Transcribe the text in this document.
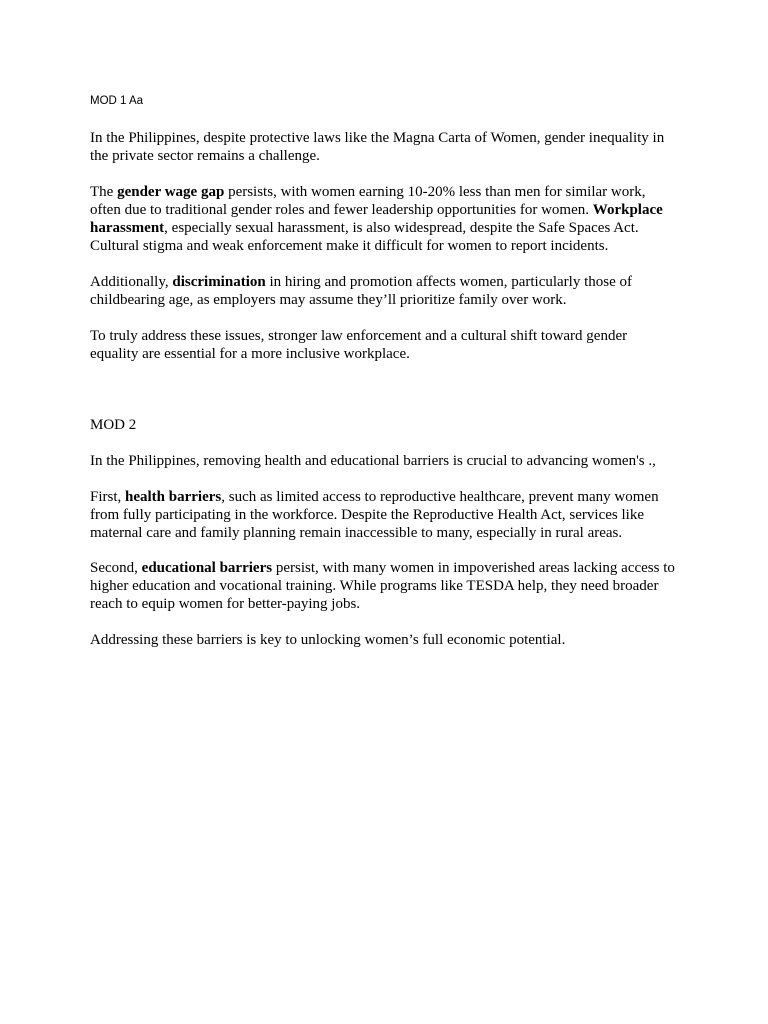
MOD 1 Aa
In the Philippines, despite protective laws like the Magna Carta of Women, gender inequality in
the private sector remains a challenge.
The gender wage gap persists, with women earning 10-20% less than men for similar work,
often due to traditional gender roles and fewer leadership opportunities for women. Workplace
harassment, especially sexual harassment, is also widespread, despite the Safe Spaces Act.
Cultural stigma and weak enforcement make it difficult for women to report incidents.
Additionally, discrimination in hiring and promotion affects women, particularly those of
childbearing age, as employers may assume they’ll prioritize family over work.
To truly address these issues, stronger law enforcement and a cultural shift toward gender
equality are essential for a more inclusive workplace.
MOD 2
In the Philippines, removing health and educational barriers is crucial to advancing women's .,
First, health barriers, such as limited access to reproductive healthcare, prevent many women
from fully participating in the workforce. Despite the Reproductive Health Act, services like
maternal care and family planning remain inaccessible to many, especially in rural areas.
Second, educational barriers persist, with many women in impoverished areas lacking access to
higher education and vocational training. While programs like TESDA help, they need broader
reach to equip women for better-paying jobs.
Addressing these barriers is key to unlocking women’s full economic potential.
